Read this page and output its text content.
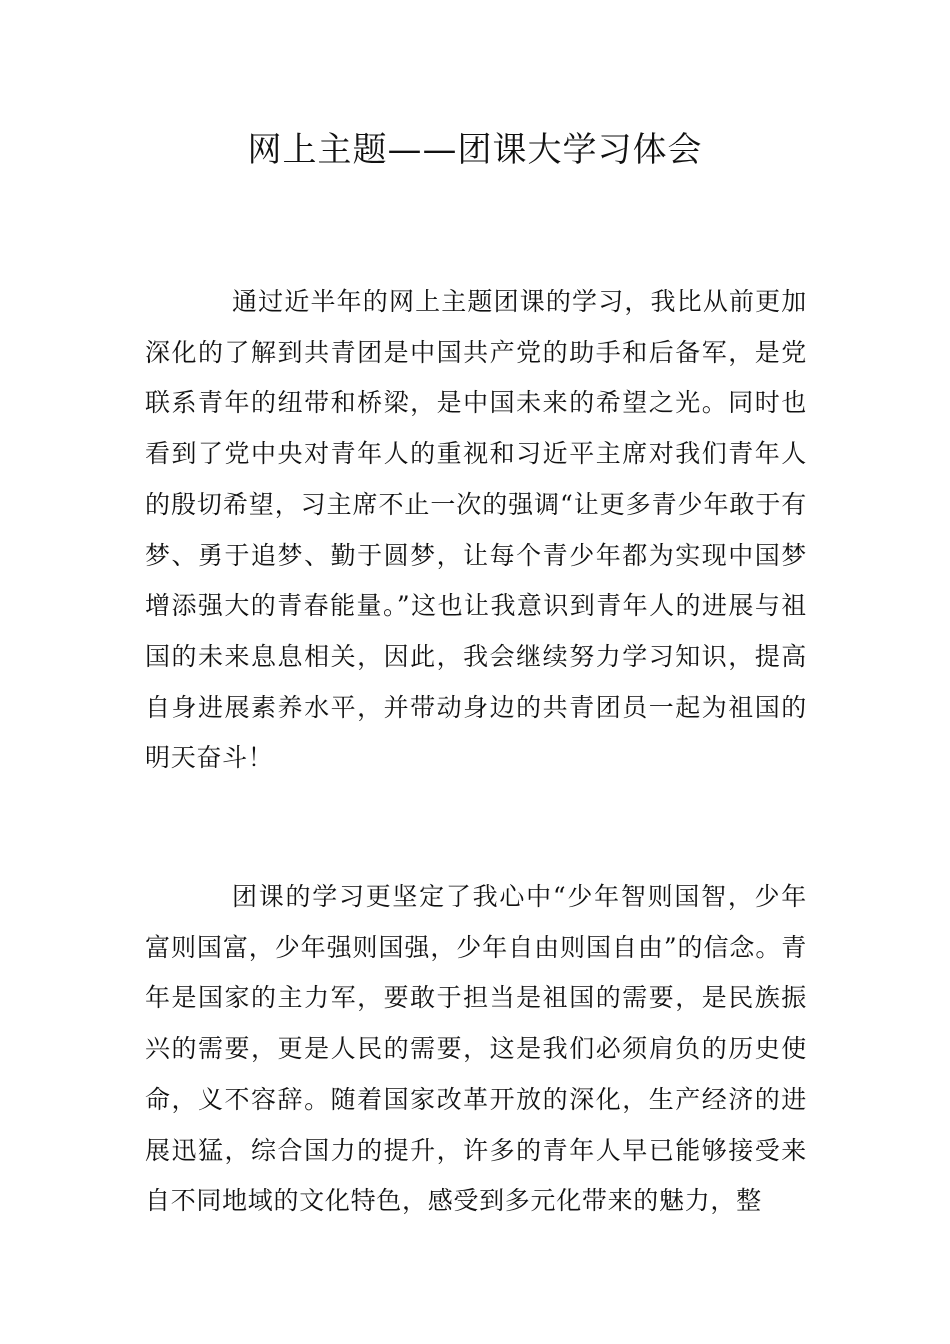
网上主题——团课大学习体会

通过近半年的网上主题团课的学习，我比从前更加深化的了解到共青团是中国共产党的助手和后备军，是党联系青年的纽带和桥梁，是中国未来的希望之光。同时也看到了党中央对青年人的重视和习近平主席对我们青年人的殷切希望，习主席不止一次的强调“让更多青少年敢于有梦、勇于追梦、勤于圆梦，让每个青少年都为实现中国梦增添强大的青春能量。”这也让我意识到青年人的进展与祖国的未来息息相关，因此，我会继续努力学习知识，提高自身进展素养水平，并带动身边的共青团员一起为祖国的明天奋斗！

团课的学习更坚定了我心中“少年智则国智，少年富则国富，少年强则国强，少年自由则国自由”的信念。青年是国家的主力军，要敢于担当是祖国的需要，是民族振兴的需要，更是人民的需要，这是我们必须肩负的历史使命，义不容辞。随着国家改革开放的深化，生产经济的进展迅猛，综合国力的提升，许多的青年人早已能够接受来自不同地域的文化特色，感受到多元化带来的魅力，整
